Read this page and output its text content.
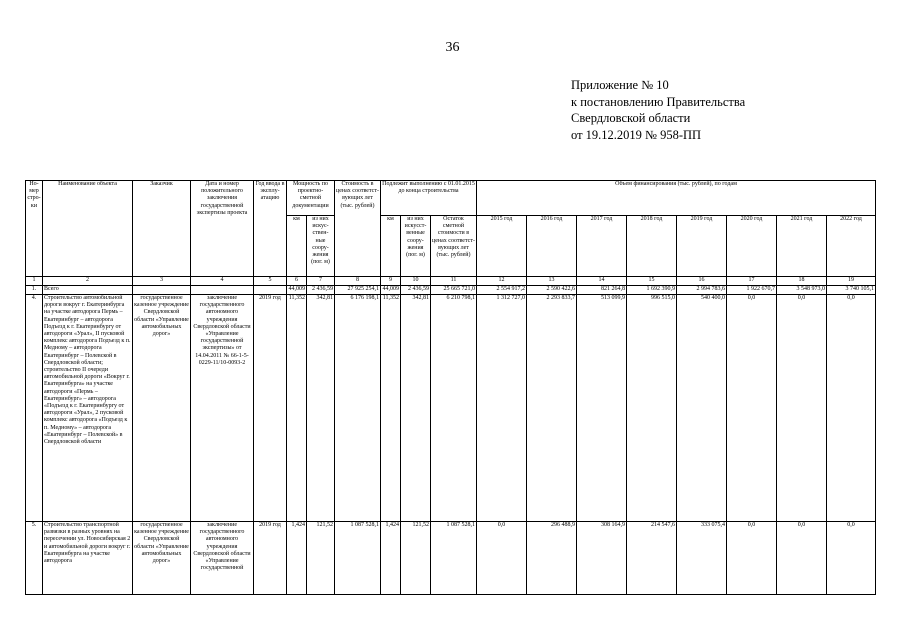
36
Приложение № 10
к постановлению Правительства
Свердловской области
от 19.12.2019 № 958-ПП
Но-мер стро-ки	Наименование объекта	Заказчик	Дата и номер положительного заключения государственной экспертизы проекта	Год ввода в эксплу-атацию	Мощность по проектно-сметной документации		Стоимость в ценах соответст-вующих лет (тыс. рублей)	Подлежит выполнению с 01.01.2015 до конца строительства			Объем финансирования (тыс. рублей), по годам							
					км	из них искус-ствен-ные соору-жения (пог. м)		км	из них искусст-венные соору-жения (пог. м)	Остаток сметной стоимости в ценах соответст-вующих лет (тыс. рублей)	2015 год	2016 год	2017 год	2018 год	2019 год	2020 год	2021 год	2022 год
1	2	3	4	5	6	7	8	9	10	11	12	13	14	15	16	17	18	19
1.	Всего				44,009	2 436,59	27 925 254,1	44,009	2 436,59	25 665 721,0	2 554 917,2	2 590 422,6	821 264,8	1 692 390,9	2 994 783,6	1 922 670,7	3 548 973,0	3 740 105,1
4.	Строительство автомобильной дороги вокруг г. Екатеринбурга на участке автодорога Пермь – Екатеринбург – автодорога Подъезд к г. Екатеринбургу от автодороги «Урал», II пусковой комплекс автодорога Подъезд к п. Медному – автодорога Екатеринбург – Полевской в Свердловской области; строительство II очереди автомобильной дороги «Вокруг г. Екатеринбурга» на участке автодороги «Пермь – Екатеринбург» – автодорога «Подъезд к г. Екатеринбургу от автодороги «Урал», 2 пусковой комплекс автодорога «Подъезд к п. Медному» – автодорога «Екатеринбург – Полевской» в Свердловской области	государственное казенное учреждение Свердловской области «Управление автомобильных дорог»	заключение государственного автономного учреждения Свердловской области «Управление государственной экспертизы» от 14.04.2011 № 66-1-5-0229-11/10-0093-2	2019 год	11,352	342,81	6 176 198,1	11,352	342,81	6 210 798,1	1 312 727,0	2 293 833,7	513 099,9	996 515,0	540 400,0	0,0	0,0	0,0
5.	Строительство транспортной развязки в разных уровнях на пересечении ул. Новосибирская 2 и автомобильной дороги вокруг г. Екатеринбурга на участке автодорога	государственное казенное учреждение Свердловской области «Управление автомобильных дорог»	заключение государственного автономного учреждения Свердловской области «Управление государственной	2019 год	1,424	121,52	1 087 528,1	1,424	121,52	1 087 528,1	0,0	296 488,9	308 164,9	214 547,6	333 075,4	0,0	0,0	0,0
